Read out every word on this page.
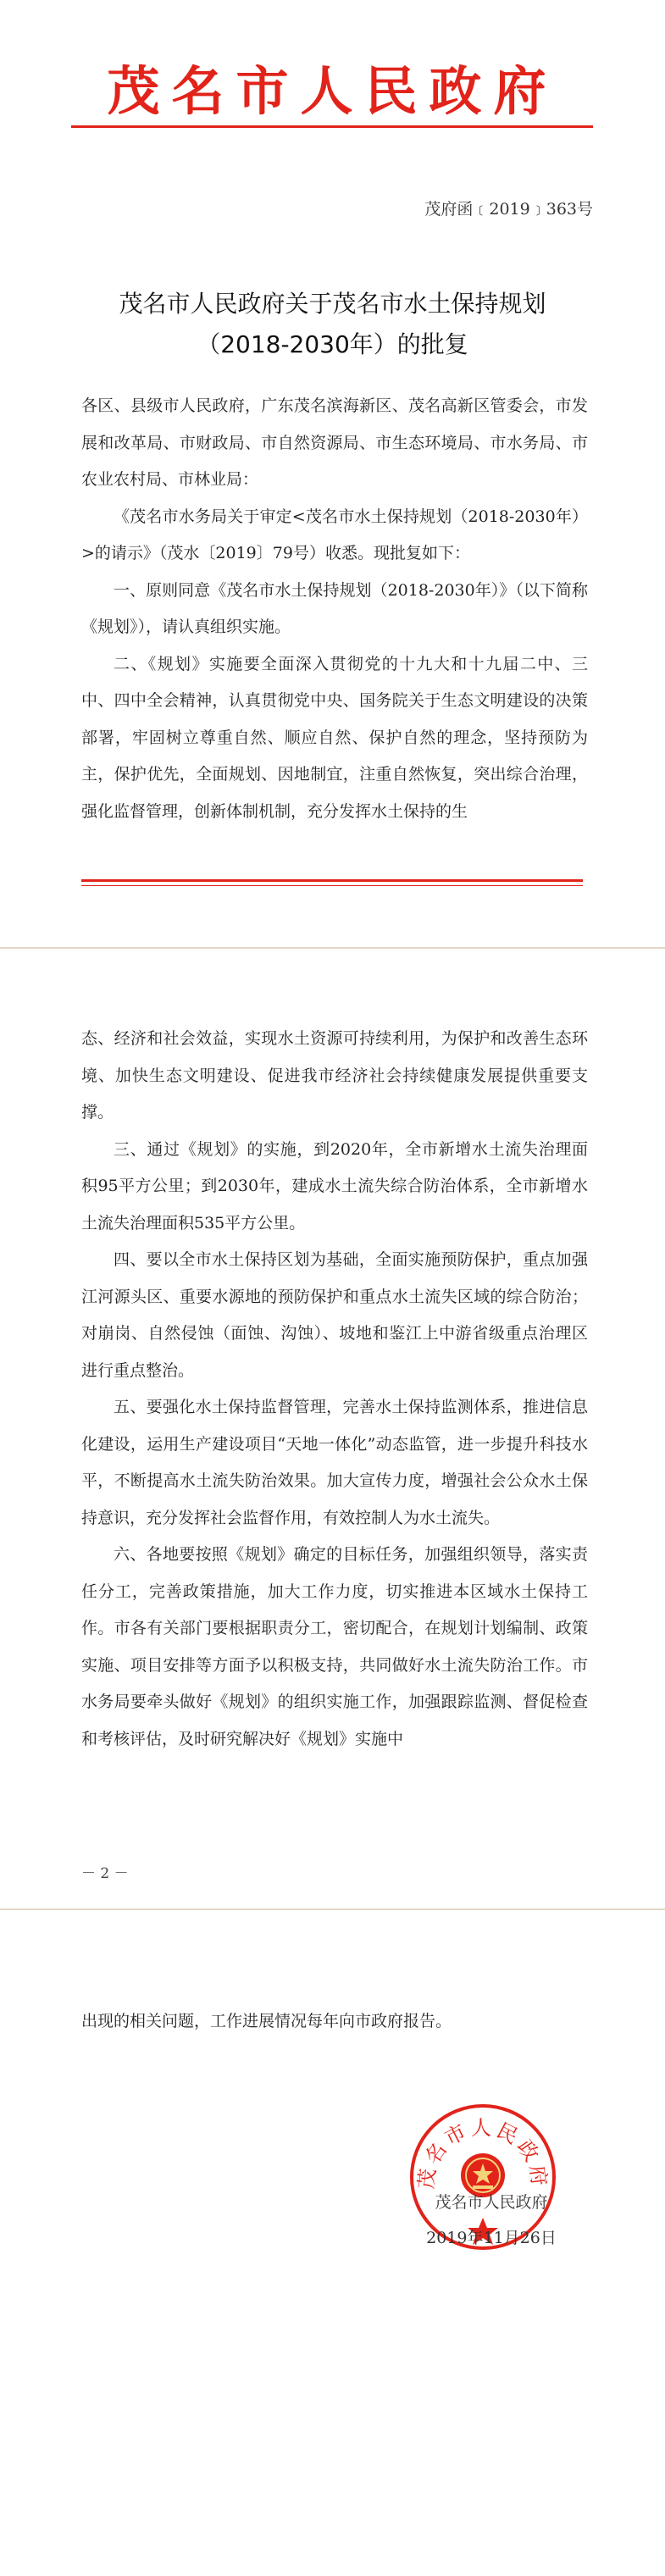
茂名市人民政府
茂府函﹝2019﹞363号
茂名市人民政府关于茂名市水土保持规划
（2018-2030年）的批复

各区、县级市人民政府，广东茂名滨海新区、茂名高新区管委会，市发展和改革局、市财政局、市自然资源局、市生态环境局、市水务局、市农业农村局、市林业局：

《茂名市水务局关于审定<茂名市水土保持规划（2018-2030年）>的请示》（茂水〔2019〕79号）收悉。现批复如下：

一、原则同意《茂名市水土保持规划（2018-2030年）》（以下简称《规划》），请认真组织实施。

二、《规划》实施要全面深入贯彻党的十九大和十九届二中、三中、四中全会精神，认真贯彻党中央、国务院关于生态文明建设的决策部署，牢固树立尊重自然、顺应自然、保护自然的理念，坚持预防为主，保护优先，全面规划、因地制宜，注重自然恢复，突出综合治理，强化监督管理，创新体制机制，充分发挥水土保持的生

态、经济和社会效益，实现水土资源可持续利用，为保护和改善生态环境、加快生态文明建设、促进我市经济社会持续健康发展提供重要支撑。

三、通过《规划》的实施，到2020年，全市新增水土流失治理面积95平方公里；到2030年，建成水土流失综合防治体系，全市新增水土流失治理面积535平方公里。

四、要以全市水土保持区划为基础，全面实施预防保护，重点加强江河源头区、重要水源地的预防保护和重点水土流失区域的综合防治；对崩岗、自然侵蚀（面蚀、沟蚀）、坡地和鉴江上中游省级重点治理区进行重点整治。

五、要强化水土保持监督管理，完善水土保持监测体系，推进信息化建设，运用生产建设项目“天地一体化”动态监管，进一步提升科技水平，不断提高水土流失防治效果。加大宣传力度，增强社会公众水土保持意识，充分发挥社会监督作用，有效控制人为水土流失。

六、各地要按照《规划》确定的目标任务，加强组织领导，落实责任分工，完善政策措施，加大工作力度，切实推进本区域水土保持工作。市各有关部门要根据职责分工，密切配合，在规划计划编制、政策实施、项目安排等方面予以积极支持，共同做好水土流失防治工作。市水务局要牵头做好《规划》的组织实施工作，加强跟踪监测、督促检查和考核评估，及时研究解决好《规划》实施中

－ 2 －

出现的相关问题，工作进展情况每年向市政府报告。

茂名市人民政府
茂名市人民政府
2019年11月26日
